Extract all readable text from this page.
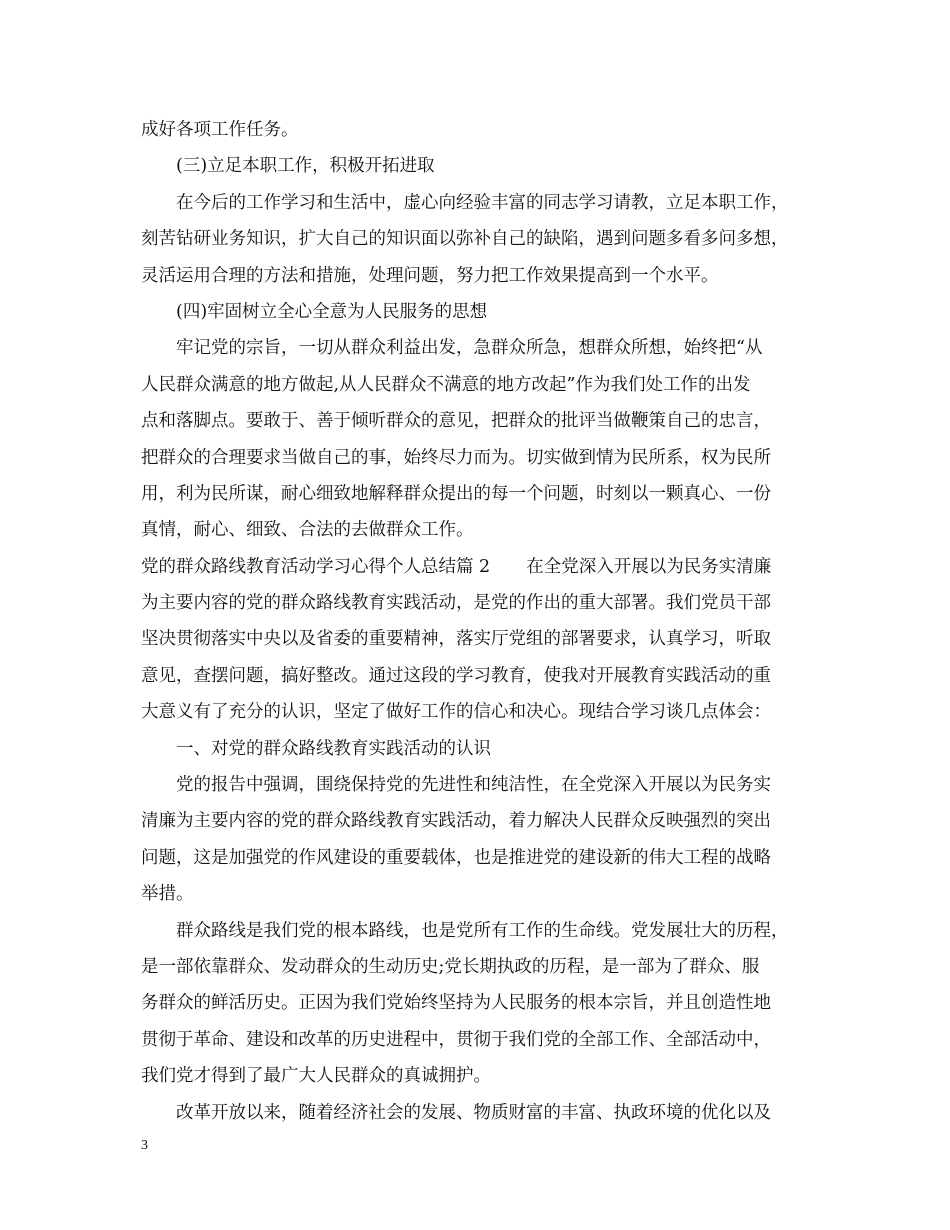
成好各项工作任务。
(三)立足本职工作，积极开拓进取
在今后的工作学习和生活中，虚心向经验丰富的同志学习请教，立足本职工作，
刻苦钻研业务知识，扩大自己的知识面以弥补自己的缺陷，遇到问题多看多问多想，
灵活运用合理的方法和措施，处理问题，努力把工作效果提高到一个水平。
(四)牢固树立全心全意为人民服务的思想
牢记党的宗旨，一切从群众利益出发，急群众所急，想群众所想，始终把“从
人民群众满意的地方做起,从人民群众不满意的地方改起”作为我们处工作的出发
点和落脚点。要敢于、善于倾听群众的意见，把群众的批评当做鞭策自己的忠言，
把群众的合理要求当做自己的事，始终尽力而为。切实做到情为民所系，权为民所
用，利为民所谋，耐心细致地解释群众提出的每一个问题，时刻以一颗真心、一份
真情，耐心、细致、合法的去做群众工作。
党的群众路线教育活动学习心得个人总结篇 2 在全党深入开展以为民务实清廉
为主要内容的党的群众路线教育实践活动，是党的作出的重大部署。我们党员干部
坚决贯彻落实中央以及省委的重要精神，落实厅党组的部署要求，认真学习，听取
意见，查摆问题，搞好整改。通过这段的学习教育，使我对开展教育实践活动的重
大意义有了充分的认识，坚定了做好工作的信心和决心。现结合学习谈几点体会：
一、对党的群众路线教育实践活动的认识
党的报告中强调，围绕保持党的先进性和纯洁性，在全党深入开展以为民务实
清廉为主要内容的党的群众路线教育实践活动，着力解决人民群众反映强烈的突出
问题，这是加强党的作风建设的重要载体，也是推进党的建设新的伟大工程的战略
举措。
群众路线是我们党的根本路线，也是党所有工作的生命线。党发展壮大的历程，
是一部依靠群众、发动群众的生动历史;党长期执政的历程，是一部为了群众、服
务群众的鲜活历史。正因为我们党始终坚持为人民服务的根本宗旨，并且创造性地
贯彻于革命、建设和改革的历史进程中，贯彻于我们党的全部工作、全部活动中，
我们党才得到了最广大人民群众的真诚拥护。
改革开放以来，随着经济社会的发展、物质财富的丰富、执政环境的优化以及
3
